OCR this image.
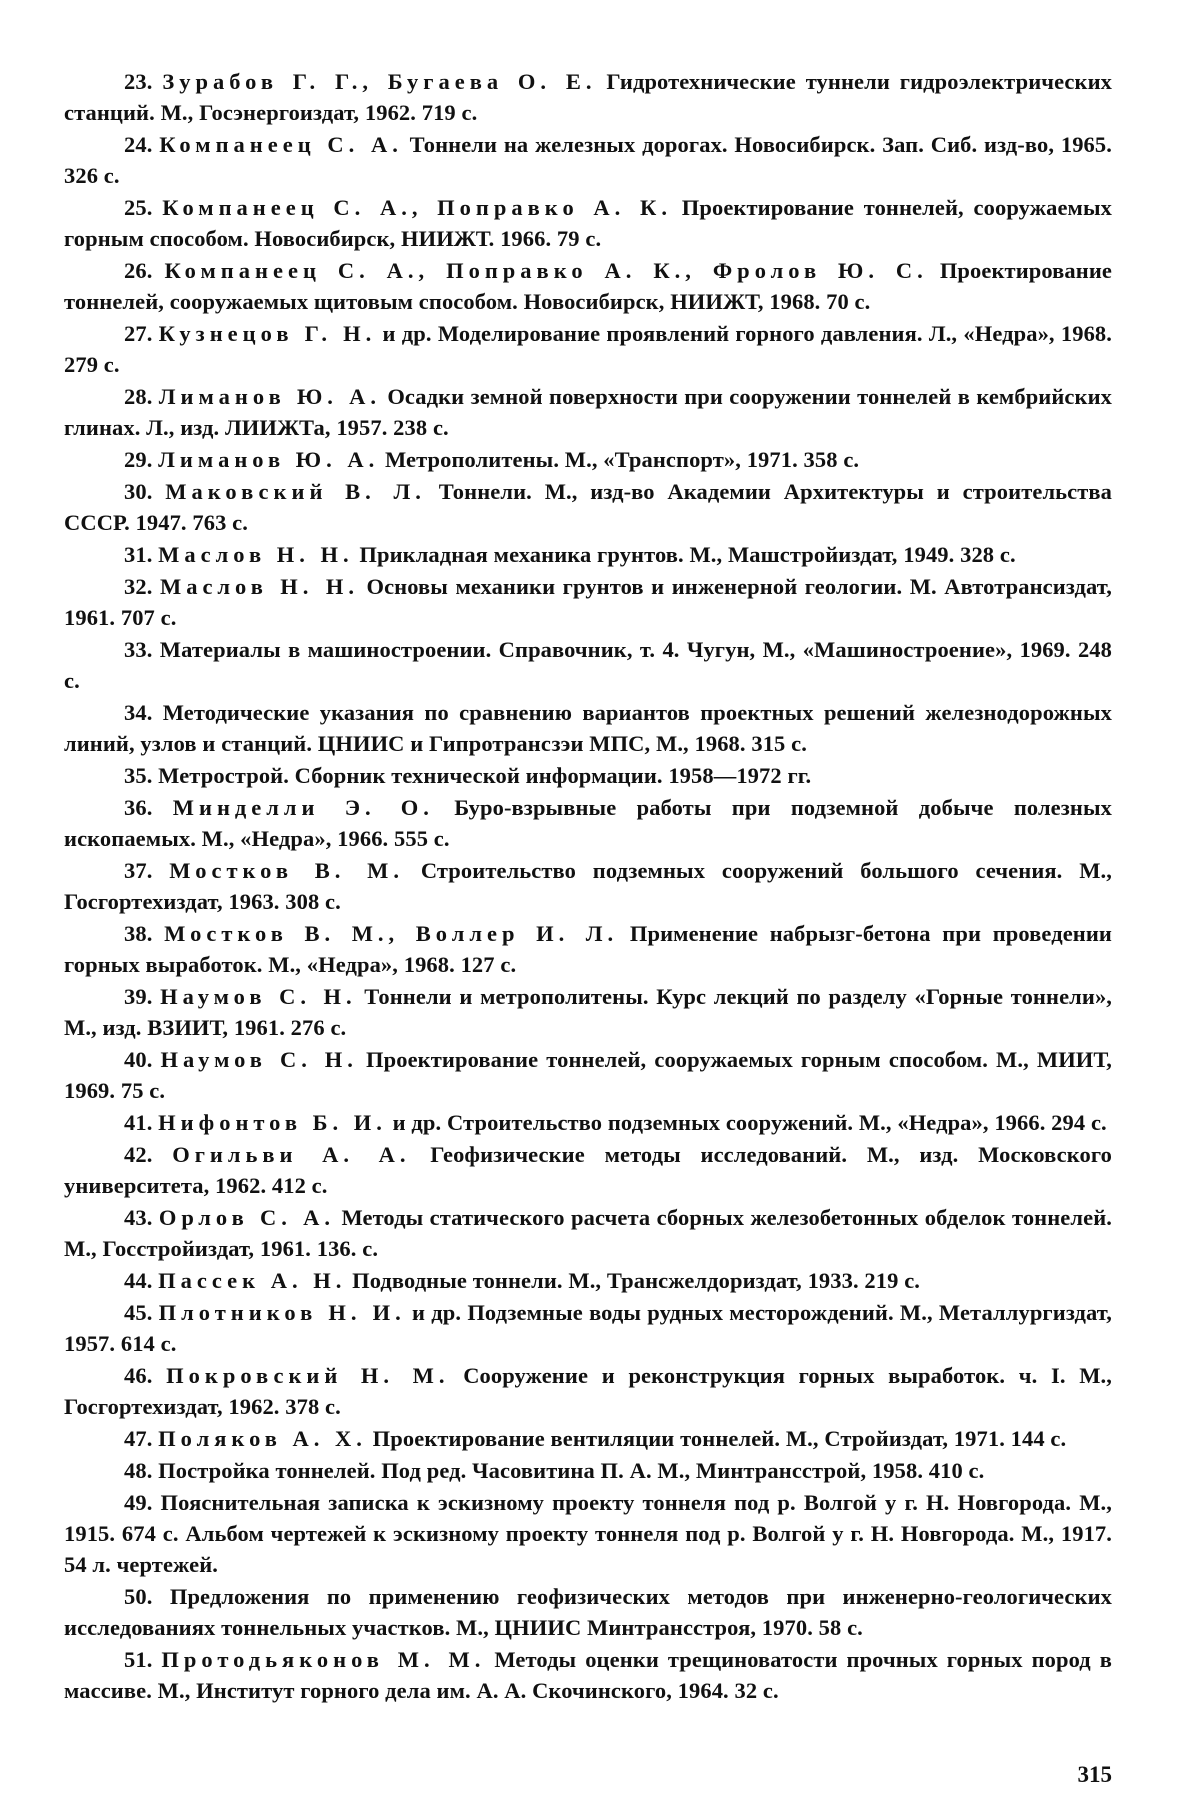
23. Зурабов Г. Г., Бугаева О. Е. Гидротехнические туннели гидроэлектрических станций. М., Госэнергоиздат, 1962. 719 с.
24. Компанеец С. А. Тоннели на железных дорогах. Новосибирск. Зап. Сиб. изд-во, 1965. 326 с.
25. Компанеец С. А., Поправко А. К. Проектирование тоннелей, сооружаемых горным способом. Новосибирск, НИИЖТ. 1966. 79 с.
26. Компанеец С. А., Поправко А. К., Фролов Ю. С. Проектирование тоннелей, сооружаемых щитовым способом. Новосибирск, НИИЖТ, 1968. 70 с.
27. Кузнецов Г. Н. и др. Моделирование проявлений горного давления. Л., «Недра», 1968. 279 с.
28. Лиманов Ю. А. Осадки земной поверхности при сооружении тоннелей в кембрийских глинах. Л., изд. ЛИИЖТа, 1957. 238 с.
29. Лиманов Ю. А. Метрополитены. М., «Транспорт», 1971. 358 с.
30. Маковский В. Л. Тоннели. М., изд-во Академии Архитектуры и строительства СССР. 1947. 763 с.
31. Маслов Н. Н. Прикладная механика грунтов. М., Машстройиздат, 1949. 328 с.
32. Маслов Н. Н. Основы механики грунтов и инженерной геологии. М. Автотрансиздат, 1961. 707 с.
33. Материалы в машиностроении. Справочник, т. 4. Чугун, М., «Машиностроение», 1969. 248 с.
34. Методические указания по сравнению вариантов проектных решений железнодорожных линий, узлов и станций. ЦНИИС и Гипротрансзэи МПС, М., 1968. 315 с.
35. Метрострой. Сборник технической информации. 1958—1972 гг.
36. Минделли Э. О. Буро-взрывные работы при подземной добыче полезных ископаемых. М., «Недра», 1966. 555 с.
37. Мостков В. М. Строительство подземных сооружений большого сечения. М., Госгортехиздат, 1963. 308 с.
38. Мостков В. М., Воллер И. Л. Применение набрызг-бетона при проведении горных выработок. М., «Недра», 1968. 127 с.
39. Наумов С. Н. Тоннели и метрополитены. Курс лекций по разделу «Горные тоннели», М., изд. ВЗИИТ, 1961. 276 с.
40. Наумов С. Н. Проектирование тоннелей, сооружаемых горным способом. М., МИИТ, 1969. 75 с.
41. Нифонтов Б. И. и др. Строительство подземных сооружений. М., «Недра», 1966. 294 с.
42. Огильви А. А. Геофизические методы исследований. М., изд. Московского университета, 1962. 412 с.
43. Орлов С. А. Методы статического расчета сборных железобетонных обделок тоннелей. М., Госстройиздат, 1961. 136. с.
44. Пассек А. Н. Подводные тоннели. М., Трансжелдориздат, 1933. 219 с.
45. Плотников Н. И. и др. Подземные воды рудных месторождений. М., Металлургиздат, 1957. 614 с.
46. Покровский Н. М. Сооружение и реконструкция горных выработок. ч. I. М., Госгортехиздат, 1962. 378 с.
47. Поляков А. Х. Проектирование вентиляции тоннелей. М., Стройиздат, 1971. 144 с.
48. Постройка тоннелей. Под ред. Часовитина П. А. М., Минтрансстрой, 1958. 410 с.
49. Пояснительная записка к эскизному проекту тоннеля под р. Волгой у г. Н. Новгорода. М., 1915. 674 с. Альбом чертежей к эскизному проекту тоннеля под р. Волгой у г. Н. Новгорода. М., 1917. 54 л. чертежей.
50. Предложения по применению геофизических методов при инженерно-геологических исследованиях тоннельных участков. М., ЦНИИС Минтрансстроя, 1970. 58 с.
51. Протодьяконов М. М. Методы оценки трещиноватости прочных горных пород в массиве. М., Институт горного дела им. А. А. Скочинского, 1964. 32 с.
315
